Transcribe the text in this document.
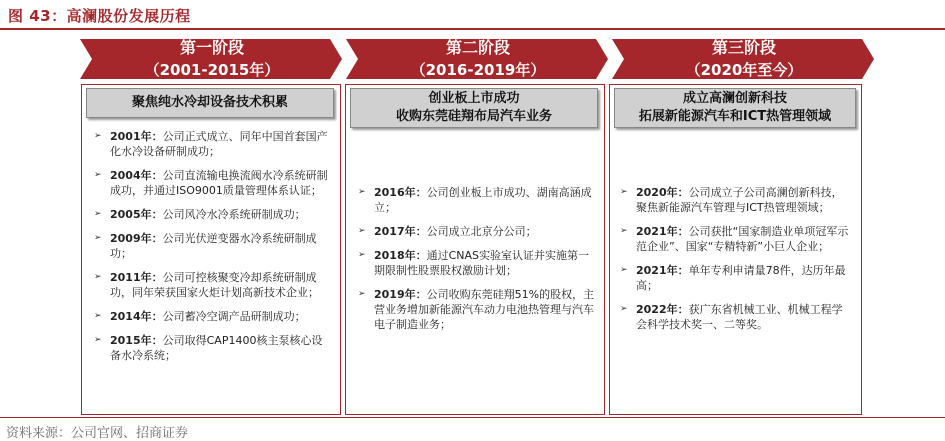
图 43：高澜股份发展历程
第一阶段
（2001-2015年）
第二阶段
（2016-2019年）
第三阶段
（2020年至今）
聚焦纯水冷却设备技术积累
➢ 2001年：公司正式成立、同年中国首套国产化水冷设备研制成功；
➢ 2004年：公司直流输电换流阀水冷系统研制成功，并通过ISO9001质量管理体系认证；
➢ 2005年：公司风冷水冷系统研制成功；
➢ 2009年：公司光伏逆变器水冷系统研制成功；
➢ 2011年：公司可控核聚变冷却系统研制成功，同年荣获国家火炬计划高新技术企业；
➢ 2014年：公司蓄冷空调产品研制成功；
➢ 2015年：公司取得CAP1400核主泵核心设备水冷系统；
创业板上市成功
收购东莞硅翔布局汽车业务
➢ 2016年：公司创业板上市成功、湖南高涵成立；
➢ 2017年：公司成立北京分公司；
➢ 2018年：通过CNAS实验室认证并实施第一期限制性股票股权激励计划；
➢ 2019年：公司收购东莞硅翔51%的股权，主营业务增加新能源汽车动力电池热管理与汽车电子制造业务；
成立高澜创新科技
拓展新能源汽车和ICT热管理领域
➢ 2020年：公司成立子公司高澜创新科技，聚焦新能源汽车管理与ICT热管理领域；
➢ 2021年：公司获批“国家制造业单项冠军示范企业”、国家“专精特新”小巨人企业；
➢ 2021年：单年专利申请量78件，达历年最高；
➢ 2022年：获广东省机械工业、机械工程学会科学技术奖一、二等奖。
资料来源：公司官网、招商证券
